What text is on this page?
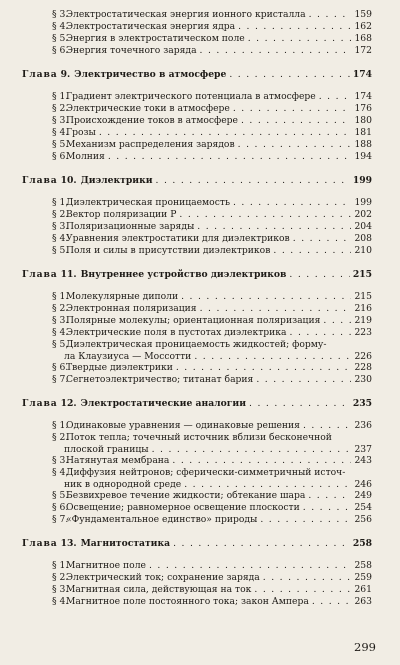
§ 3.
Электростатическая энергия ионного кристалла . . .	159
§ 4.
Электростатическая энергия ядра . . .	162
§ 5.
Энергия в электростатическом поле . . .	168
§ 6.
Энергия точечного заряда . . .	172
Глава 9. Электричество в атмосфере . . .	174
§ 1.
Градиент электрического потенциала в атмосфере . . .	174
§ 2.
Электрические токи в атмосфере . . .	176
§ 3.
Происхождение токов в атмосфере . . .	180
§ 4.
Грозы . . .	181
§ 5.
Механизм распределения зарядов . . .	188
§ 6.
Молния . . .	194
Глава 10. Диэлектрики . . .	199
§ 1.
Диэлектрическая проницаемость . . .	199
§ 2.
Вектор поляризации P . . .	202
§ 3.
Поляризационные заряды . . .	204
§ 4.
Уравнения электростатики для диэлектриков . . .	208
§ 5.
Поля и силы в присутствии диэлектриков . . .	210
Глава 11. Внутреннее устройство диэлектриков . . .	215
§ 1.
Молекулярные диполи . . .	215
§ 2.
Электронная поляризация . . .	216
§ 3.
Полярные молекулы; ориентационная поляризация . . .	219
§ 4.
Электрические поля в пустотах диэлектрика . . .	223
§ 5.
Диэлектрическая проницаемость жидкостей; форму-
ла Клаузиуса — Моссотти . . .	226
§ 6.
Твердые диэлектрики . . .	228
§ 7.
Сегнетоэлектричество; титанат бария . . .	230
Глава 12. Электростатические аналогии . . .	235
§ 1.
Одинаковые уравнения — одинаковые решения . . .	236
§ 2.
Поток тепла; точечный источник вблизи бесконечной
плоской границы . . .	237
§ 3.
Натянутая мембрана . . .	243
§ 4.
Диффузия нейтронов; сферически-симметричный источ-
ник в однородной среде . . .	246
§ 5.
Безвихревое течение жидкости; обтекание шара . . .	249
§ 6.
Освещение; равномерное освещение плоскости . . .	254
§ 7.
«Фундаментальное единство» природы . . .	256
Глава 13. Магнитостатика . . .	258
§ 1.
Магнитное поле . . .	258
§ 2.
Электрический ток; сохранение заряда . . .	259
§ 3.
Магнитная сила, действующая на ток . . .	261
§ 4.
Магнитное поле постоянного тока; закон Ампера . . .	263
299
